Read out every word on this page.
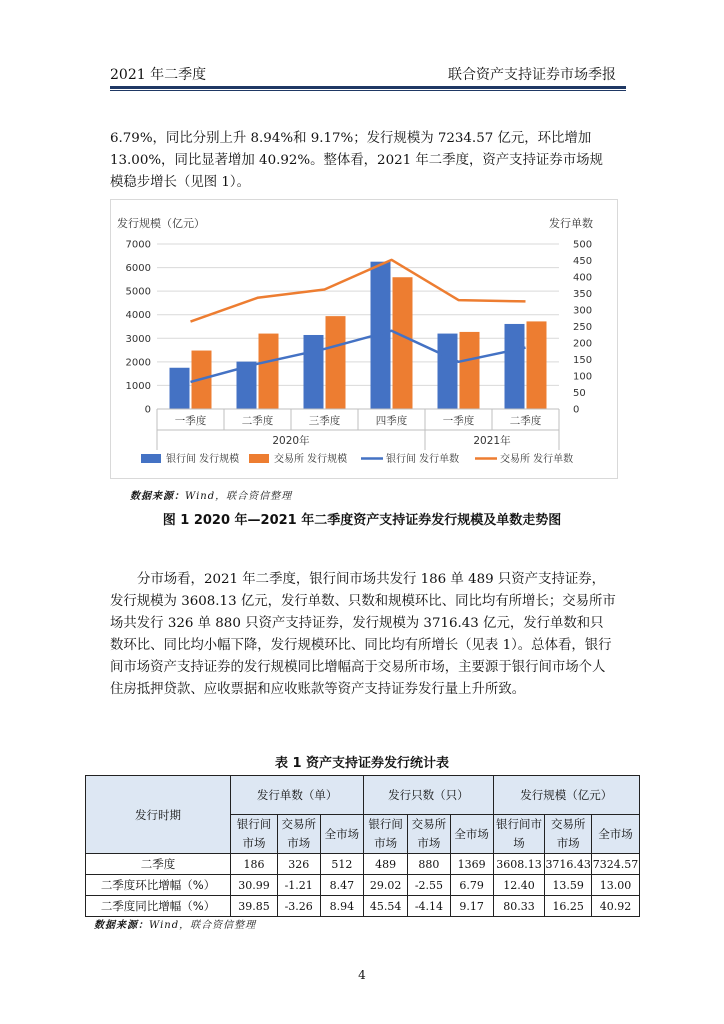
2021 年二季度	联合资产支持证券市场季报
6.79%，同比分别上升 8.94%和 9.17%；发行规模为 7234.57 亿元，环比增加 13.00%，同比显著增加 40.92%。整体看，2021 年二季度，资产支持证券市场规模稳步增长（见图 1）。
0
1000
2000
3000
4000
5000
6000
7000
0
50
100
150
200
250
300
350
400
450
500
发行规模（亿元）	发行单数
一季度	二季度	三季度	四季度	一季度	二季度
2020年	2021年
银行间 发行规模	交易所 发行规模	银行间 发行单数	交易所 发行单数
数据来源：Wind，联合资信整理
图 1 2020 年—2021 年二季度资产支持证券发行规模及单数走势图
分市场看，2021 年二季度，银行间市场共发行 186 单 489 只资产支持证券，发行规模为 3608.13 亿元，发行单数、只数和规模环比、同比均有所增长；交易所市场共发行 326 单 880 只资产支持证券，发行规模为 3716.43 亿元，发行单数和只数环比、同比均小幅下降，发行规模环比、同比均有所增长（见表 1）。总体看，银行间市场资产支持证券的发行规模同比增幅高于交易所市场，主要源于银行间市场个人住房抵押贷款、应收票据和应收账款等资产支持证券发行量上升所致。
表 1 资产支持证券发行统计表
发行时期	发行单数（单）			发行只数（只）			发行规模（亿元）		
	银行间市场	交易所市场	全市场	银行间市场	交易所市场	全市场	银行间市场	交易所市场	全市场
二季度	186	326	512	489	880	1369	3608.13	3716.43	7324.57
二季度环比增幅（%）	30.99	-1.21	8.47	29.02	-2.55	6.79	12.40	13.59	13.00
二季度同比增幅（%）	39.85	-3.26	8.94	45.54	-4.14	9.17	80.33	16.25	40.92
数据来源：Wind，联合资信整理
4
